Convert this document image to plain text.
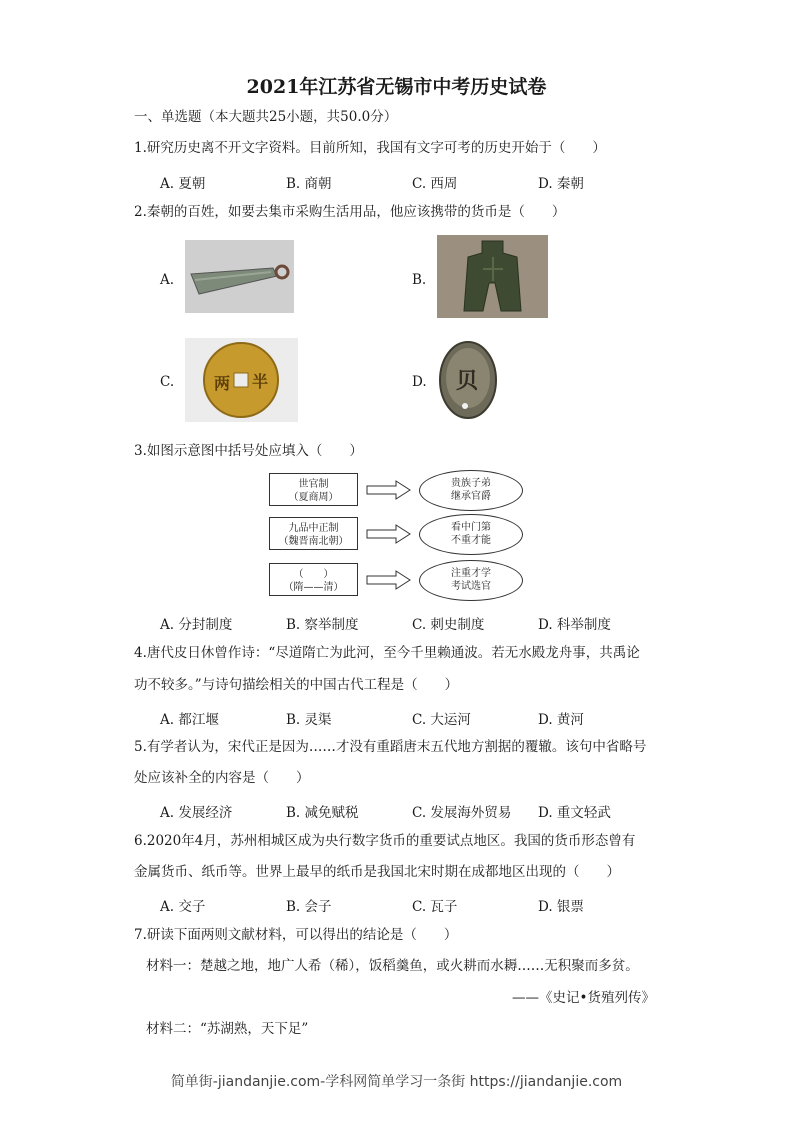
2021年江苏省无锡市中考历史试卷
一、单选题（本大题共25小题，共50.0分）
1.研究历史离不开文字资料。目前所知，我国有文字可考的历史开始于（　　）
A. 夏朝	B. 商朝	C. 西周	D. 秦朝
2.秦朝的百姓，如要去集市采购生活用品，他应该携带的货币是（　　）
A.	B.
C.	半
两	D. 贝
3.如图示意图中括号处应填入（　　）
世官制
（夏商周）
贵族子弟
继承官爵
九品中正制
（魏晋南北朝）
看中门第
不重才能
（　　）
（隋——清）
注重才学
考试选官
A. 分封制度	B. 察举制度	C. 刺史制度	D. 科举制度
4.唐代皮日休曾作诗：“尽道隋亡为此河，至今千里赖通波。若无水殿龙舟事，共禹论
功不较多。”与诗句描绘相关的中国古代工程是（　　）
A. 都江堰	B. 灵渠	C. 大运河	D. 黄河
5.有学者认为，宋代正是因为……才没有重蹈唐末五代地方割据的覆辙。该句中省略号
处应该补全的内容是（　　）
A. 发展经济	B. 减免赋税	C. 发展海外贸易 D. 重文轻武
6.2020年4月，苏州相城区成为央行数字货币的重要试点地区。我国的货币形态曾有
金属货币、纸币等。世界上最早的纸币是我国北宋时期在成都地区出现的（　　）
A. 交子	B. 会子	C. 瓦子	D. 银票
7.研读下面两则文献材料，可以得出的结论是（　　）
材料一：楚越之地，地广人希（稀），饭稻羹鱼，或火耕而水耨……无积聚而多贫。
——《史记•货殖列传》
材料二：“苏湖熟，天下足”
简单街-jiandanjie.com-学科网简单学习一条街 https://jiandanjie.com
